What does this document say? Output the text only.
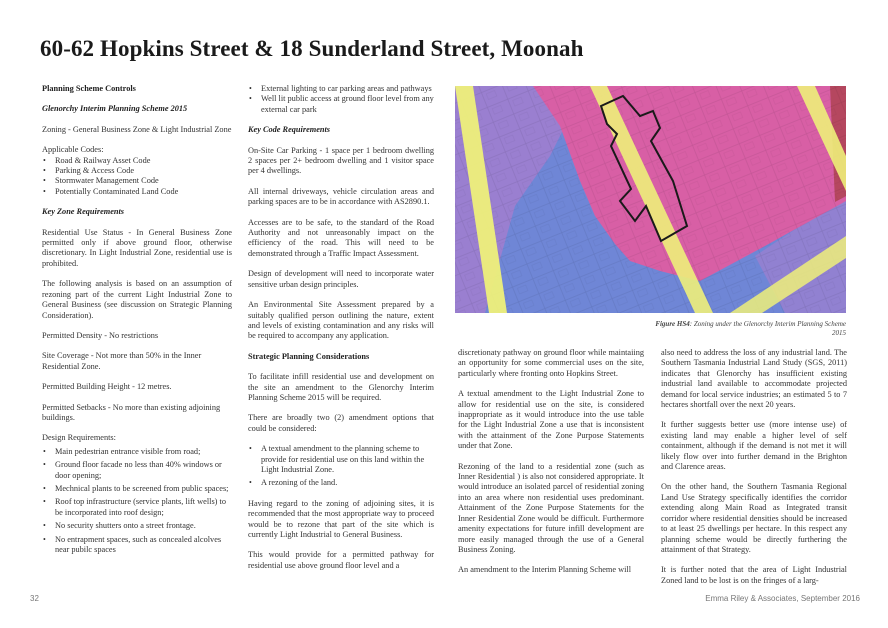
60-62 Hopkins Street & 18 Sunderland Street, Moonah

Planning Scheme Controls

Glenorchy Interim Planning Scheme 2015

Zoning - General Business Zone & Light Industrial Zone

Applicable Codes:
• Road & Railway Asset Code
• Parking & Access Code
• Stormwater Management Code
• Potentially Contaminated Land Code

Key Zone Requirements

Residential Use Status - In General Business Zone permitted only if above ground floor, otherwise discretionary. In Light Industrial Zone, residential use is prohibited.

The following analysis is based on an assumption of rezoning part of the current Light Industrial Zone to General Business (see discussion on Strategic Planning Consideration).

Permitted Density - No restrictions

Site Coverage - Not more than 50% in the Inner Residential Zone.

Permitted Building Height - 12 metres.

Permitted Setbacks - No more than existing adjoining buildings.

Design Requirements:
• Main pedestrian entrance visible from road;
• Ground floor facade no less than 40% windows or door opening;
• Mechnical plants to be screened from public spaces;
• Roof top infrastructure (service plants, lift wells) to be incorporated into roof design;
• No security shutters onto a street frontage.
• No entrapment spaces, such as concealed alcolves near pubilc spaces
• External lighting to car parking areas and pathways
• Well lit public access at ground floor level from any external car park

Key Code Requirements

On-Site Car Parking - 1 space per 1 bedroom dwelling 2 spaces per 2+ bedroom dwelling and 1 visitor space per 4 dwellings.

All internal driveways, vehicle circulation areas and parking spaces are to be in accordance with AS2890.1.

Accesses are to be safe, to the standard of the Road Authority and not unreasonably impact on the efficiency of the road. This will need to be demonstrated through a Traffic Impact Assessment.

Design of development will need to incorporate water sensitive urban design principles.

An Environmental Site Assessment prepared by a suitably qualified person outlining the nature, extent and levels of existing contamination and any risks will be required to accompany any application.

Strategic Planning Considerations

To facilitate infill residential use and development on the site an amendment to the Glenorchy Interim Planning Scheme 2015 will be required.

There are broadly two (2) amendment options that could be considered:

• A textual amendment to the planning scheme to provide for residential use on this land within the Light Industrial Zone.
• A rezoning of the land.

Having regard to the zoning of adjoining sites, it is recommended that the most appropriate way to proceed would be to rezone that part of the site which is currently Light Industrial to General Business.

This would provide for a permitted pathway for residential use above ground floor level and a

Figure HS4: Zoning under the Glenorchy Interim Planning Scheme 2015

discretionaty pathway on ground floor while maintaiing an opportunity for some commercial uses on the site, particularly where fronting onto Hopkins Street.

A textual amendment to the Light Industrial Zone to allow for residential use on the site, is considered inappropriate as it would introduce into the use table for the Light Industrial Zone a use that is inconsistent with the attainment of the Zone Purpose Statements under that Zone.

Rezoning of the land to a residential zone (such as Inner Residential ) is also not considered appropriate. It would introduce an isolated parcel of residential zoning into an area where non residential uses predominant. Attainment of the Zone Purpose Statements for the Inner Residential Zone would be difficult. Furthermore amenity expectations for future infill development are more easily managed through the use of a General Business Zoning.

An amendment to the Interim Planning Scheme will

also need to address the loss of any industrial land. The Southern Tasmania Industrial Land Study (SGS, 2011) indicates that Glenorchy has insufficient existing industrial land available to accommodate projected demand for local service industries; an estimated 5 to 7 hectares shortfall over the next 20 years.

It further suggests better use (more intense use) of existing land may enable a higher level of self containment, although if the demand is not met it will likely flow over into further demand in the Brighton and Clarence areas.

On the other hand, the Southern Tasmania Regional Land Use Strategy specifically identifies the corridor extending along Main Road as Integrated transit corridor where residential densities should be increased to at least 25 dwellings per hectare. In this respect any planning scheme would be directly furthering the attainment of that Strategy.

It is further noted that the area of Light Industrial Zoned land to be lost is on the fringes of a larg-

32	Emma Riley & Associates, September 2016
